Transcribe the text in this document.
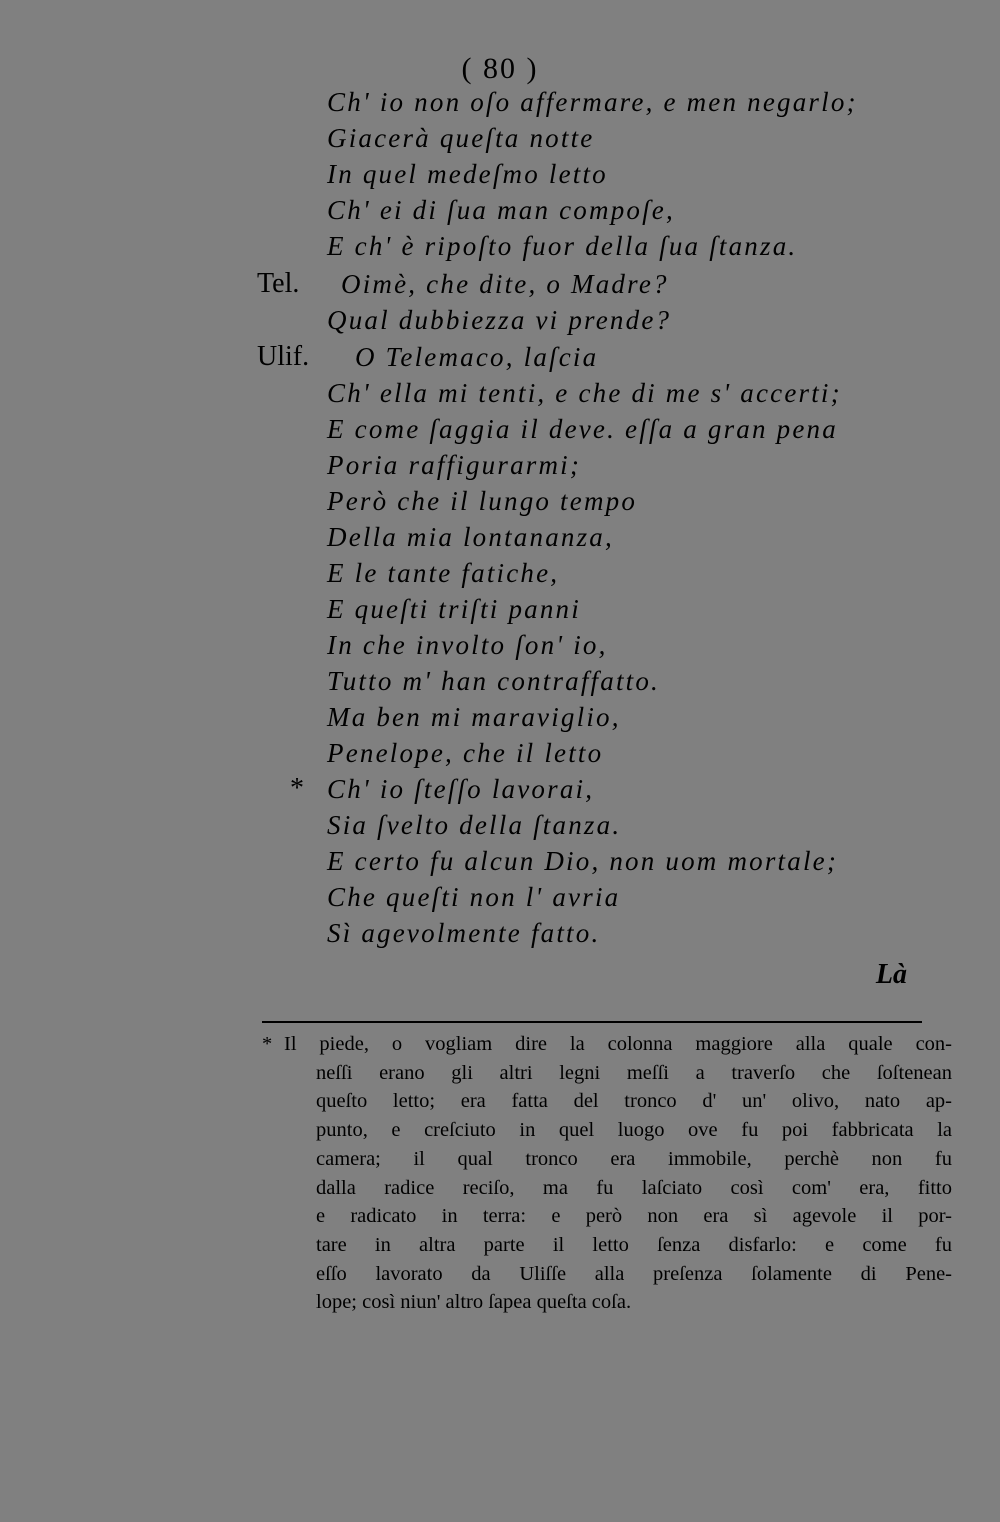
( 80 )
Ch' io non oſo affermare, e men negarlo;
Giacerà queſta notte
In quel medeſmo letto
Ch' ei di ſua man compoſe,
E ch' è ripoſto fuor della ſua ſtanza.
Tel. Oimè, che dite, o Madre?
Qual dubbiezza vi prende?
Ulif. O Telemaco, laſcia
Ch' ella mi tenti, e che di me s' accerti;
E come ſaggia il deve. eſſa a gran pena
Poria raffigurarmi;
Però che il lungo tempo
Della mia lontananza,
E le tante fatiche,
E queſti triſti panni
In che involto ſon' io,
Tutto m' han contraffatto.
Ma ben mi maraviglio,
Penelope, che il letto
* Ch' io ſteſſo lavorai,
Sia ſvelto della ſtanza.
E certo fu alcun Dio, non uom mortale;
Che queſti non l' avria
Sì agevolmente fatto.
Là
* Il piede, o vogliam dire la colonna maggiore alla quale con-
neſſi erano gli altri legni meſſi a traverſo che ſoſtenean
queſto letto; era fatta del tronco d' un' olivo, nato ap-
punto, e creſciuto in quel luogo ove fu poi fabbricata la
camera; il qual tronco era immobile, perchè non fu
dalla radice reciſo, ma fu laſciato così com' era, fitto
e radicato in terra: e però non era sì agevole il por-
tare in altra parte il letto ſenza disfarlo: e come fu
eſſo lavorato da Uliſſe alla preſenza ſolamente di Pene-
lope; così niun' altro ſapea queſta coſa.
